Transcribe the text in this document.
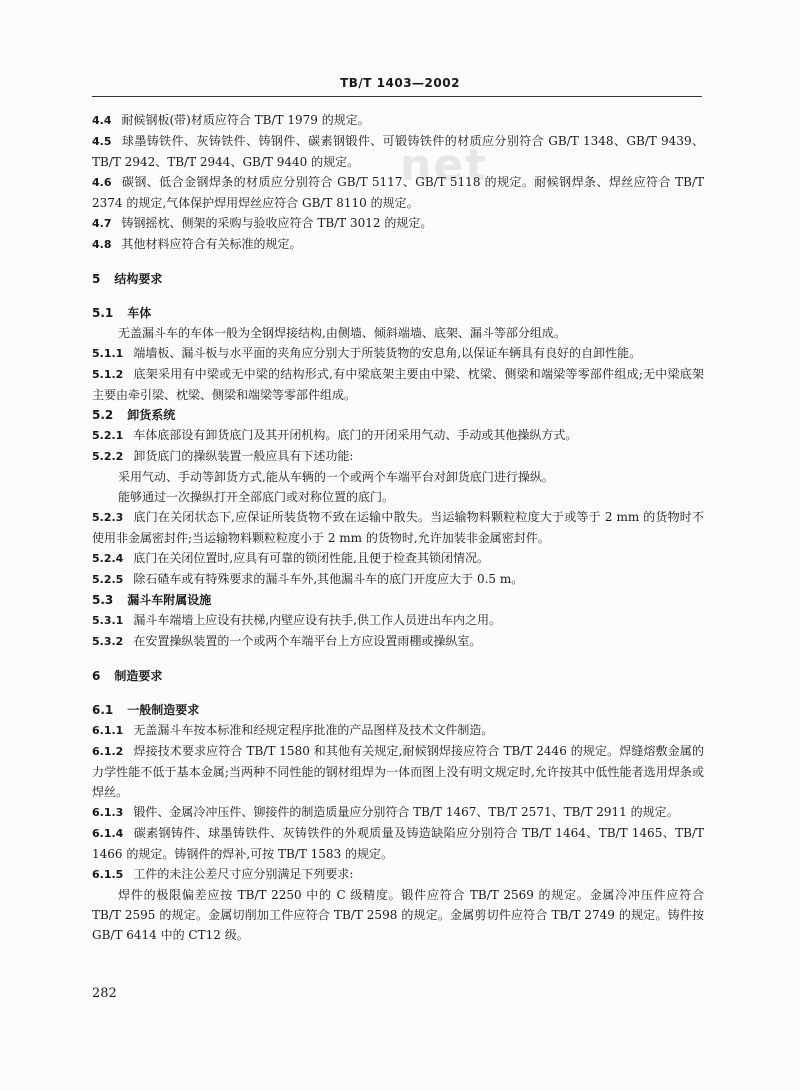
net
TB/T 1403—2002

4.4 耐候钢板(带)材质应符合 TB/T 1979 的规定。

4.5 球墨铸铁件、灰铸铁件、铸钢件、碳素钢锻件、可锻铸铁件的材质应分别符合 GB/T 1348、GB/T 9439、TB/T 2942、TB/T 2944、GB/T 9440 的规定。

4.6 碳钢、低合金钢焊条的材质应分别符合 GB/T 5117、GB/T 5118 的规定。耐候钢焊条、焊丝应符合 TB/T 2374 的规定,气体保护焊用焊丝应符合 GB/T 8110 的规定。

4.7 铸钢摇枕、侧架的采购与验收应符合 TB/T 3012 的规定。

4.8 其他材料应符合有关标准的规定。

5 结构要求

5.1 车体

无盖漏斗车的车体一般为全钢焊接结构,由侧墙、倾斜端墙、底架、漏斗等部分组成。

5.1.1 端墙板、漏斗板与水平面的夹角应分别大于所装货物的安息角,以保证车辆具有良好的自卸性能。

5.1.2 底架采用有中梁或无中梁的结构形式,有中梁底架主要由中梁、枕梁、侧梁和端梁等零部件组成;无中梁底架主要由牵引梁、枕梁、侧梁和端梁等零部件组成。

5.2 卸货系统

5.2.1 车体底部设有卸货底门及其开闭机构。底门的开闭采用气动、手动或其他操纵方式。

5.2.2 卸货底门的操纵装置一般应具有下述功能:

采用气动、手动等卸货方式,能从车辆的一个或两个车端平台对卸货底门进行操纵。

能够通过一次操纵打开全部底门或对称位置的底门。

5.2.3 底门在关闭状态下,应保证所装货物不致在运输中散失。当运输物料颗粒粒度大于或等于 2 mm 的货物时不使用非金属密封件;当运输物料颗粒粒度小于 2 mm 的货物时,允许加装非金属密封件。

5.2.4 底门在关闭位置时,应具有可靠的锁闭性能,且便于检查其锁闭情况。

5.2.5 除石碴车或有特殊要求的漏斗车外,其他漏斗车的底门开度应大于 0.5 m。

5.3 漏斗车附属设施

5.3.1 漏斗车端墙上应设有扶梯,内壁应设有扶手,供工作人员进出车内之用。

5.3.2 在安置操纵装置的一个或两个车端平台上方应设置雨棚或操纵室。

6 制造要求

6.1 一般制造要求

6.1.1 无盖漏斗车按本标准和经规定程序批准的产品图样及技术文件制造。

6.1.2 焊接技术要求应符合 TB/T 1580 和其他有关规定,耐候钢焊接应符合 TB/T 2446 的规定。焊缝熔敷金属的力学性能不低于基本金属;当两种不同性能的钢材组焊为一体而图上没有明文规定时,允许按其中低性能者选用焊条或焊丝。

6.1.3 锻件、金属冷冲压件、铆接件的制造质量应分别符合 TB/T 1467、TB/T 2571、TB/T 2911 的规定。

6.1.4 碳素钢铸件、球墨铸铁件、灰铸铁件的外观质量及铸造缺陷应分别符合 TB/T 1464、TB/T 1465、TB/T 1466 的规定。铸钢件的焊补,可按 TB/T 1583 的规定。

6.1.5 工件的未注公差尺寸应分别满足下列要求:

焊件的极限偏差应按 TB/T 2250 中的 C 级精度。锻件应符合 TB/T 2569 的规定。金属冷冲压件应符合 TB/T 2595 的规定。金属切削加工件应符合 TB/T 2598 的规定。金属剪切件应符合 TB/T 2749 的规定。铸件按 GB/T 6414 中的 CT12 级。

282
